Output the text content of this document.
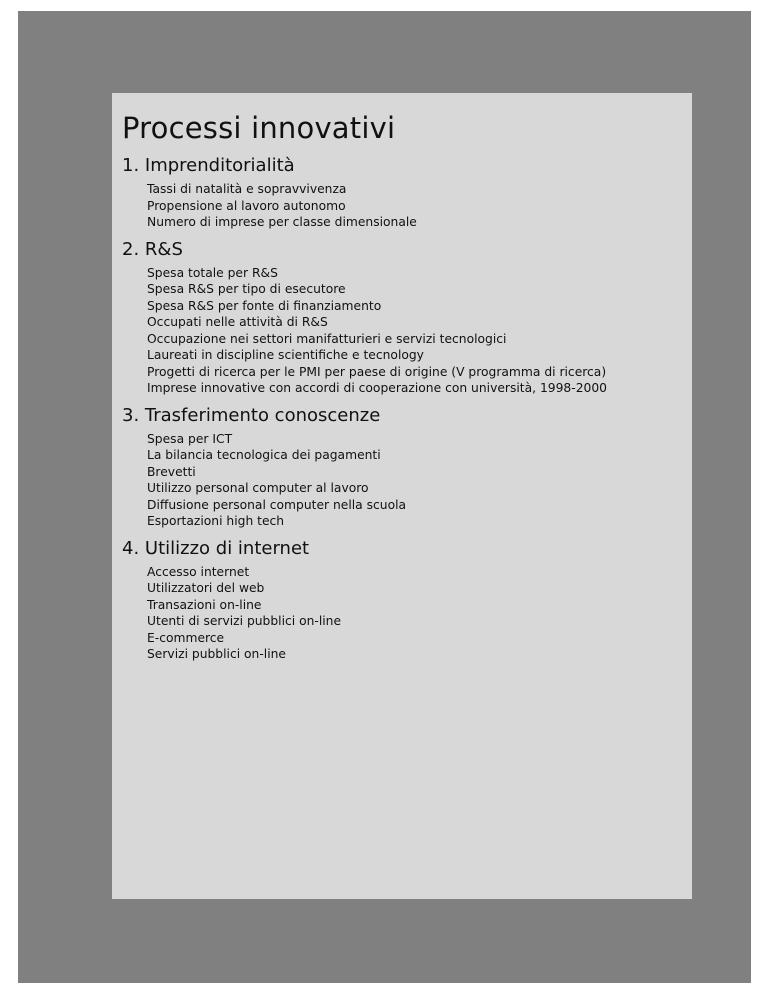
Processi innovativi
1. Imprenditorialità
Tassi di natalità e sopravvivenza
Propensione al lavoro autonomo
Numero di imprese per classe dimensionale
2. R&S
Spesa totale per R&S
Spesa R&S per tipo di esecutore
Spesa R&S per fonte di finanziamento
Occupati nelle attività di R&S
Occupazione nei settori manifatturieri e servizi tecnologici
Laureati in discipline scientifiche e tecnology
Progetti di ricerca per le PMI per paese di origine (V programma di ricerca)
Imprese innovative con accordi di cooperazione con università, 1998-2000
3. Trasferimento conoscenze
Spesa per ICT
La bilancia tecnologica dei pagamenti
Brevetti
Utilizzo personal computer al lavoro
Diffusione personal computer nella scuola
Esportazioni high tech
4. Utilizzo di internet
Accesso internet
Utilizzatori del web
Transazioni on-line
Utenti di servizi pubblici on-line
E-commerce
Servizi pubblici on-line
